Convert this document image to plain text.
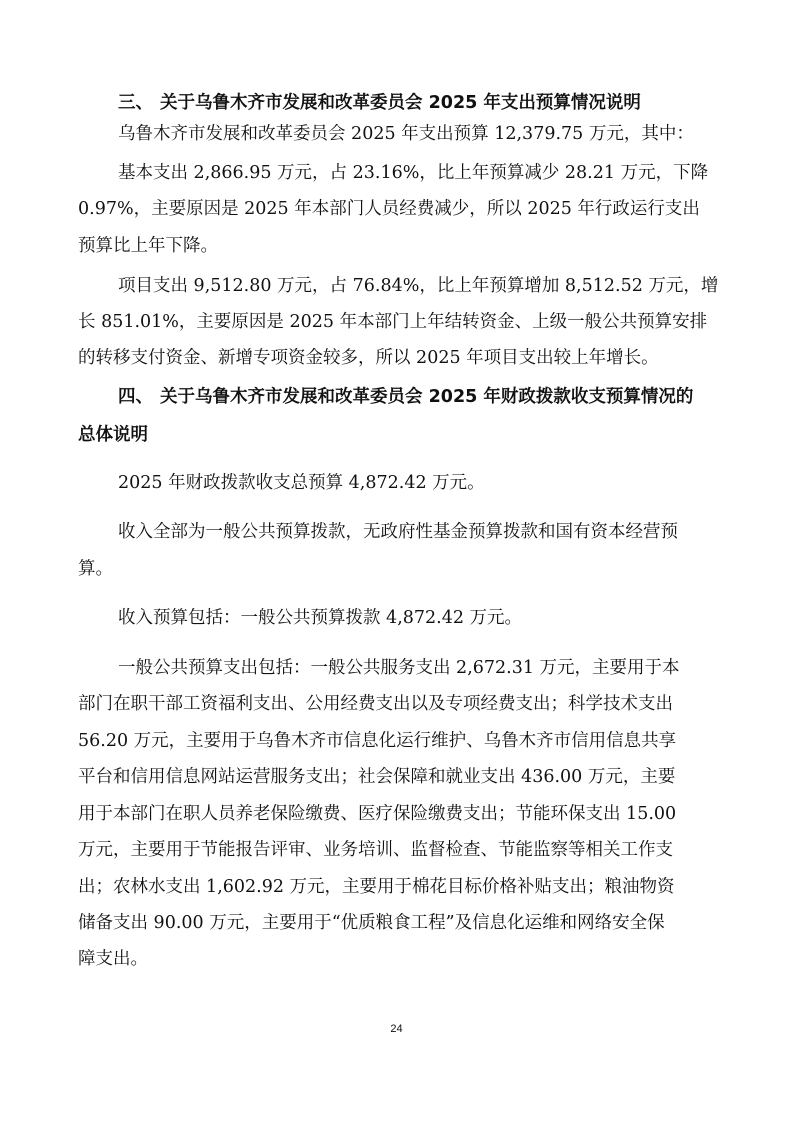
三、 关于乌鲁木齐市发展和改革委员会 2025 年支出预算情况说明
乌鲁木齐市发展和改革委员会 2025 年支出预算 12,379.75 万元，其中：
基本支出 2,866.95 万元，占 23.16%，比上年预算减少 28.21 万元，下降
0.97%，主要原因是 2025 年本部门人员经费减少，所以 2025 年行政运行支出
预算比上年下降。
项目支出 9,512.80 万元，占 76.84%，比上年预算增加 8,512.52 万元，增
长 851.01%，主要原因是 2025 年本部门上年结转资金、上级一般公共预算安排
的转移支付资金、新增专项资金较多，所以 2025 年项目支出较上年增长。
四、 关于乌鲁木齐市发展和改革委员会 2025 年财政拨款收支预算情况的
总体说明
2025 年财政拨款收支总预算 4,872.42 万元。
收入全部为一般公共预算拨款，无政府性基金预算拨款和国有资本经营预
算。
收入预算包括：一般公共预算拨款 4,872.42 万元。
一般公共预算支出包括：一般公共服务支出 2,672.31 万元，主要用于本
部门在职干部工资福利支出、公用经费支出以及专项经费支出；科学技术支出
56.20 万元，主要用于乌鲁木齐市信息化运行维护、乌鲁木齐市信用信息共享
平台和信用信息网站运营服务支出；社会保障和就业支出 436.00 万元，主要
用于本部门在职人员养老保险缴费、医疗保险缴费支出；节能环保支出 15.00
万元，主要用于节能报告评审、业务培训、监督检查、节能监察等相关工作支
出；农林水支出 1,602.92 万元，主要用于棉花目标价格补贴支出；粮油物资
储备支出 90.00 万元，主要用于“优质粮食工程”及信息化运维和网络安全保
障支出。
24
